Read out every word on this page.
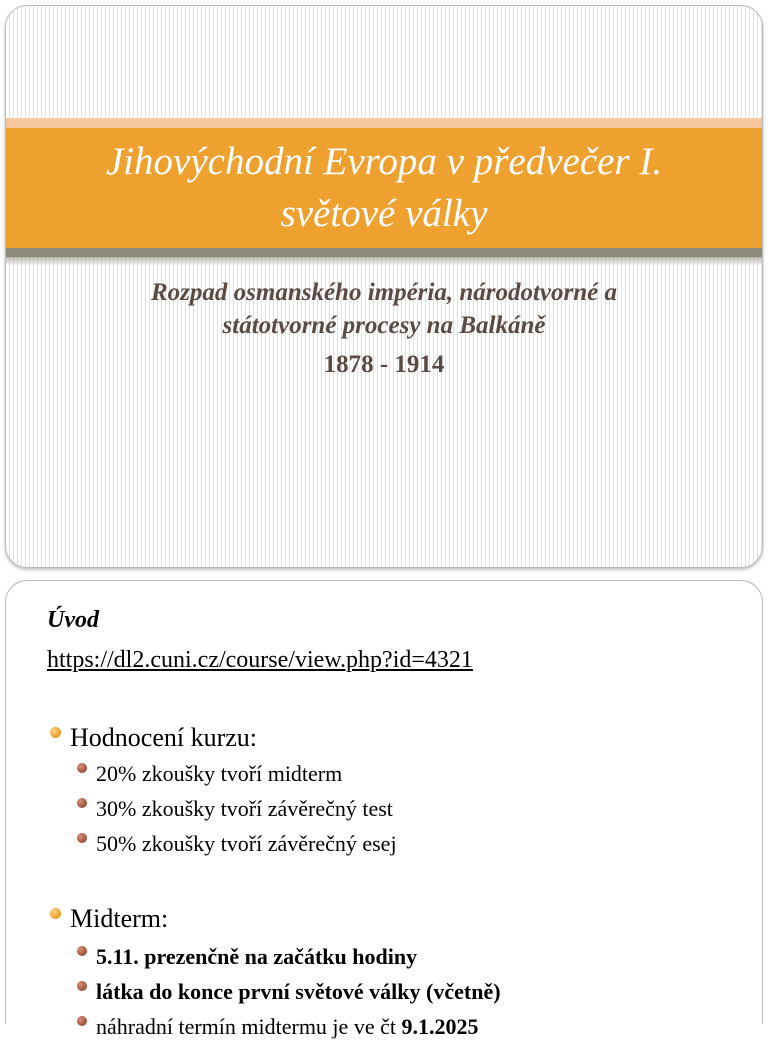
Jihovýchodní Evropa v předvečer I.
světové války
Rozpad osmanského impéria, národotvorné a
státotvorné procesy na Balkáně
1878 - 1914
Úvod
https://dl2.cuni.cz/course/view.php?id=4321
Hodnocení kurzu:
20% zkoušky tvoří midterm
30% zkoušky tvoří závěrečný test
50% zkoušky tvoří závěrečný esej
Midterm:
5.11. prezenčně na začátku hodiny
látka do konce první světové války (včetně)
náhradní termín midtermu je ve čt 9.1.2025
